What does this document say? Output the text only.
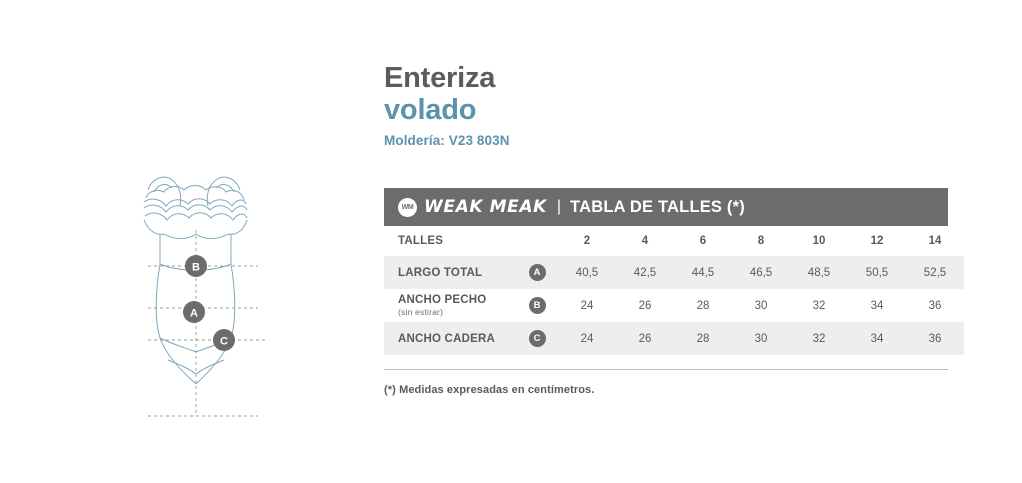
B
A
C
Enteriza
volado

Moldería: V23 803N

WM WEAK MEAK | TABLA DE TALLES (*)
TALLES		2	4	6	8	10	12	14
LARGO TOTAL	A	40,5	42,5	44,5	46,5	48,5	50,5	52,5
ANCHO PECHO
(sin estirar)	B	24	26	28	30	32	34	36
ANCHO CADERA	C	24	26	28	30	32	34	36
(*) Medidas expresadas en centímetros.
